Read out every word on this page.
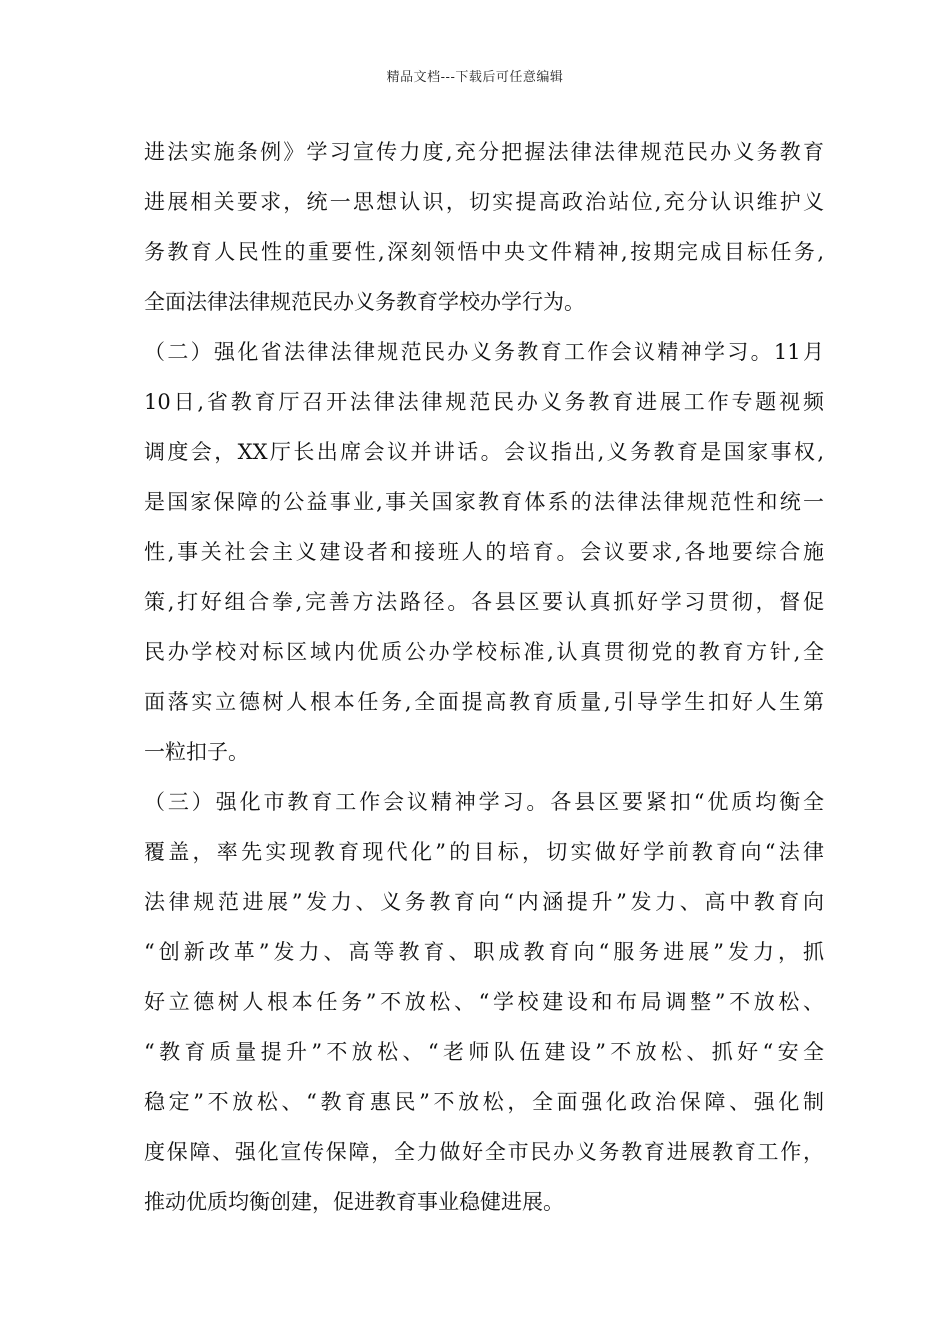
精品文档---下载后可任意编辑
进法实施条例》学习宣传力度,充分把握法律法律规范民办义务教育
进展相关要求，统一思想认识，切实提高政治站位,充分认识维护义
务教育人民性的重要性,深刻领悟中央文件精神,按期完成目标任务,
全面法律法律规范民办义务教育学校办学行为。
（二）强化省法律法律规范民办义务教育工作会议精神学习。11月
10日,省教育厅召开法律法律规范民办义务教育进展工作专题视频
调度会，XX厅长出席会议并讲话。会议指出,义务教育是国家事权,
是国家保障的公益事业,事关国家教育体系的法律法律规范性和统一
性,事关社会主义建设者和接班人的培育。会议要求,各地要综合施
策,打好组合拳,完善方法路径。各县区要认真抓好学习贯彻，督促
民办学校对标区域内优质公办学校标准,认真贯彻党的教育方针,全
面落实立德树人根本任务,全面提高教育质量,引导学生扣好人生第
一粒扣子。
（三）强化市教育工作会议精神学习。各县区要紧扣“优质均衡全
覆盖，率先实现教育现代化”的目标，切实做好学前教育向“法律
法律规范进展”发力、义务教育向“内涵提升”发力、高中教育向
“创新改革”发力、高等教育、职成教育向“服务进展”发力，抓
好立德树人根本任务”不放松、“学校建设和布局调整”不放松、
“教育质量提升”不放松、“老师队伍建设”不放松、抓好“安全
稳定”不放松、“教育惠民”不放松，全面强化政治保障、强化制
度保障、强化宣传保障，全力做好全市民办义务教育进展教育工作，
推动优质均衡创建，促进教育事业稳健进展。
